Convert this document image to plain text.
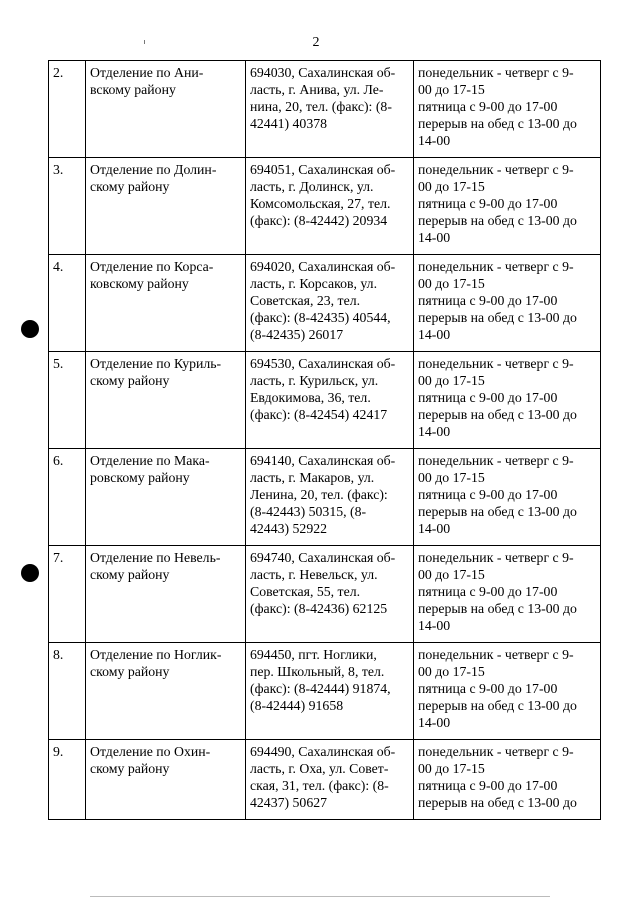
2
2.	Отделение по Ани-
вскому району	694030, Сахалинская об-
ласть, г. Анива, ул. Ле-
нина, 20, тел. (факс): (8-
42441) 40378	понедельник - четверг с 9-
00 до 17-15
пятница с 9-00 до 17-00
перерыв на обед с 13-00 до
14-00

3.	Отделение по Долин-
скому району	694051, Сахалинская об-
ласть, г. Долинск, ул.
Комсомольская, 27, тел.
(факс): (8-42442) 20934	понедельник - четверг с 9-
00 до 17-15
пятница с 9-00 до 17-00
перерыв на обед с 13-00 до
14-00

4.	Отделение по Корса-
ковскому району	694020, Сахалинская об-
ласть, г. Корсаков, ул.
Советская, 23, тел.
(факс): (8-42435) 40544,
(8-42435) 26017	понедельник - четверг с 9-
00 до 17-15
пятница с 9-00 до 17-00
перерыв на обед с 13-00 до
14-00

5.	Отделение по Куриль-
скому району	694530, Сахалинская об-
ласть, г. Курильск, ул.
Евдокимова, 36, тел.
(факс): (8-42454) 42417	понедельник - четверг с 9-
00 до 17-15
пятница с 9-00 до 17-00
перерыв на обед с 13-00 до
14-00

6.	Отделение по Мака-
ровскому району	694140, Сахалинская об-
ласть, г. Макаров, ул.
Ленина, 20, тел. (факс):
(8-42443) 50315, (8-
42443) 52922	понедельник - четверг с 9-
00 до 17-15
пятница с 9-00 до 17-00
перерыв на обед с 13-00 до
14-00

7.	Отделение по Невель-
скому району	694740, Сахалинская об-
ласть, г. Невельск, ул.
Советская, 55, тел.
(факс): (8-42436) 62125	понедельник - четверг с 9-
00 до 17-15
пятница с 9-00 до 17-00
перерыв на обед с 13-00 до
14-00

8.	Отделение по Ноглик-
скому району	694450, пгт. Ноглики,
пер. Школьный, 8, тел.
(факс): (8-42444) 91874,
(8-42444) 91658	понедельник - четверг с 9-
00 до 17-15
пятница с 9-00 до 17-00
перерыв на обед с 13-00 до
14-00

9.	Отделение по Охин-
скому району	694490, Сахалинская об-
ласть, г. Оха, ул. Совет-
ская, 31, тел. (факс): (8-
42437) 50627	понедельник - четверг с 9-
00 до 17-15
пятница с 9-00 до 17-00
перерыв на обед с 13-00 до
